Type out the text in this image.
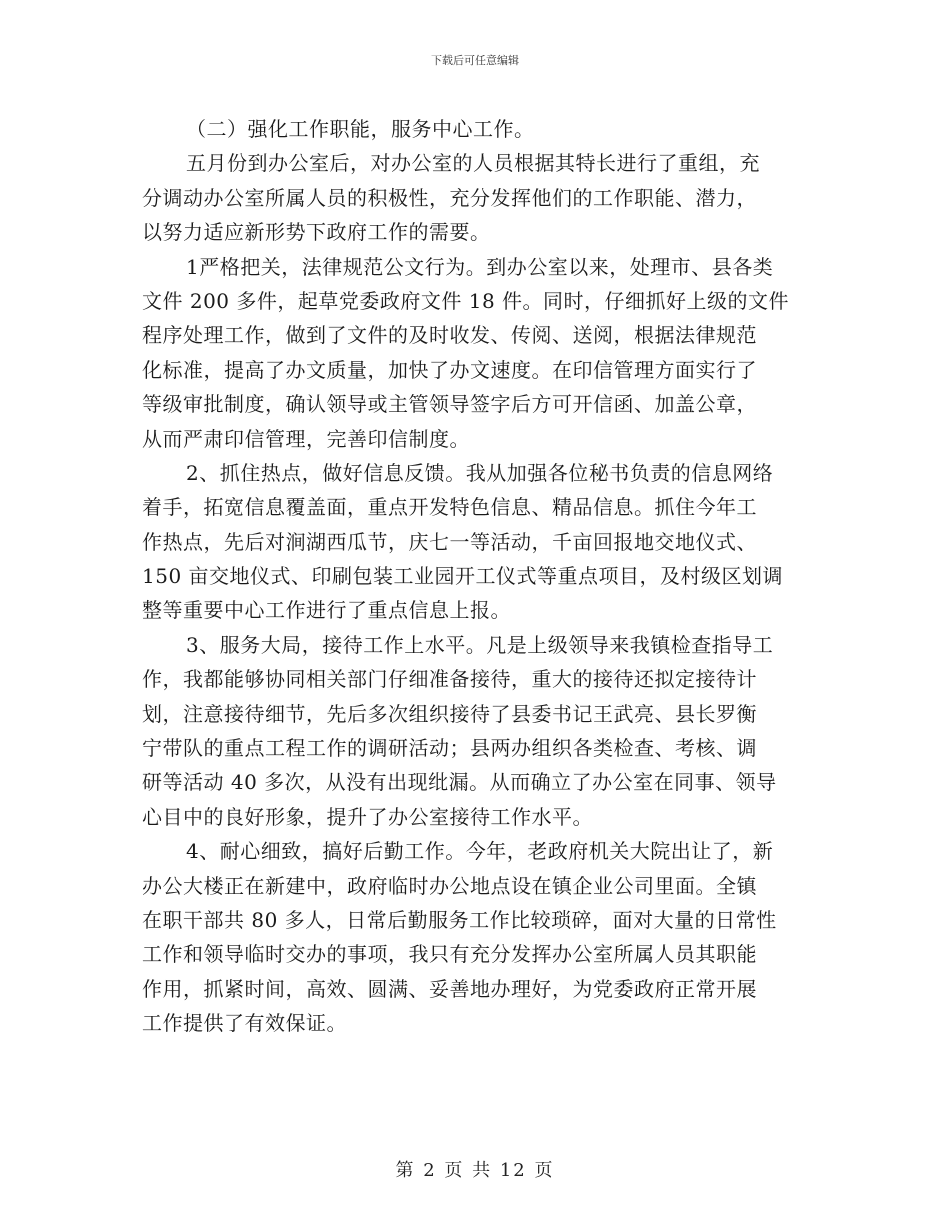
下载后可任意编辑
（二）强化工作职能，服务中心工作。
五月份到办公室后，对办公室的人员根据其特长进行了重组，充
分调动办公室所属人员的积极性，充分发挥他们的工作职能、潜力，
以努力适应新形势下政府工作的需要。
1严格把关，法律规范公文行为。到办公室以来，处理市、县各类
文件 200 多件，起草党委政府文件 18 件。同时，仔细抓好上级的文件
程序处理工作，做到了文件的及时收发、传阅、送阅，根据法律规范
化标准，提高了办文质量，加快了办文速度。在印信管理方面实行了
等级审批制度，确认领导或主管领导签字后方可开信函、加盖公章，
从而严肃印信管理，完善印信制度。
2、抓住热点，做好信息反馈。我从加强各位秘书负责的信息网络
着手，拓宽信息覆盖面，重点开发特色信息、精品信息。抓住今年工
作热点，先后对涧湖西瓜节，庆七一等活动，千亩回报地交地仪式、
150 亩交地仪式、印刷包装工业园开工仪式等重点项目，及村级区划调
整等重要中心工作进行了重点信息上报。
3、服务大局，接待工作上水平。凡是上级领导来我镇检查指导工
作，我都能够协同相关部门仔细准备接待，重大的接待还拟定接待计
划，注意接待细节，先后多次组织接待了县委书记王武亮、县长罗衡
宁带队的重点工程工作的调研活动；县两办组织各类检查、考核、调
研等活动 40 多次，从没有出现纰漏。从而确立了办公室在同事、领导
心目中的良好形象，提升了办公室接待工作水平。
4、耐心细致，搞好后勤工作。今年，老政府机关大院出让了，新
办公大楼正在新建中，政府临时办公地点设在镇企业公司里面。全镇
在职干部共 80 多人，日常后勤服务工作比较琐碎，面对大量的日常性
工作和领导临时交办的事项，我只有充分发挥办公室所属人员其职能
作用，抓紧时间，高效、圆满、妥善地办理好，为党委政府正常开展
工作提供了有效保证。
第 2 页 共 12 页
